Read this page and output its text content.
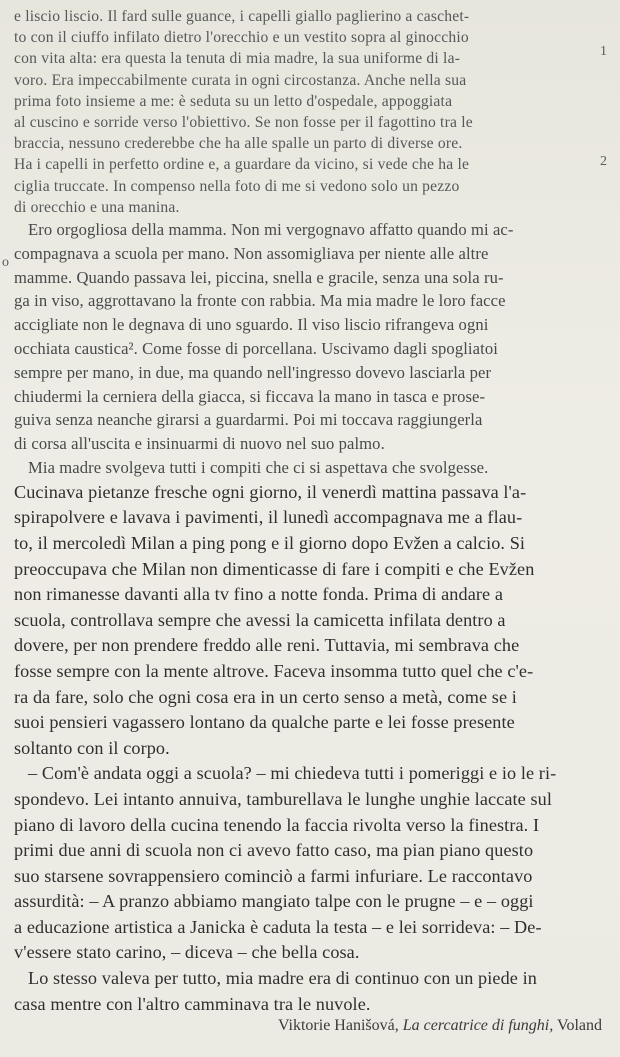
e liscio liscio. Il fard sulle guance, i capelli giallo paglierino a caschet-
to con il ciuffo infilato dietro l'orecchio e un vestito sopra al ginocchio
con vita alta: era questa la tenuta di mia madre, la sua uniforme di la-
voro. Era impeccabilmente curata in ogni circostanza. Anche nella sua
prima foto insieme a me: è seduta su un letto d'ospedale, appoggiata
al cuscino e sorride verso l'obiettivo. Se non fosse per il fagottino tra le
braccia, nessuno crederebbe che ha alle spalle un parto di diverse ore.
Ha i capelli in perfetto ordine e, a guardare da vicino, si vede che ha le
ciglia truccate. In compenso nella foto di me si vedono solo un pezzo
di orecchio e una manina.
Ero orgogliosa della mamma. Non mi vergognavo affatto quando mi ac-
compagnava a scuola per mano. Non assomigliava per niente alle altre
mamme. Quando passava lei, piccina, snella e gracile, senza una sola ru-
ga in viso, aggrottavano la fronte con rabbia. Ma mia madre le loro facce
accigliate non le degnava di uno sguardo. Il viso liscio rifrangeva ogni
occhiata caustica². Come fosse di porcellana. Uscivamo dagli spogliatoi
sempre per mano, in due, ma quando nell'ingresso dovevo lasciarla per
chiudermi la cerniera della giacca, si ficcava la mano in tasca e prose-
guiva senza neanche girarsi a guardarmi. Poi mi toccava raggiungerla
di corsa all'uscita e insinuarmi di nuovo nel suo palmo.
Mia madre svolgeva tutti i compiti che ci si aspettava che svolgesse.
Cucinava pietanze fresche ogni giorno, il venerdì mattina passava l'a-
spirapolvere e lavava i pavimenti, il lunedì accompagnava me a flau-
to, il mercoledì Milan a ping pong e il giorno dopo Evžen a calcio. Si
preoccupava che Milan non dimenticasse di fare i compiti e che Evžen
non rimanesse davanti alla tv fino a notte fonda. Prima di andare a
scuola, controllava sempre che avessi la camicetta infilata dentro a
dovere, per non prendere freddo alle reni. Tuttavia, mi sembrava che
fosse sempre con la mente altrove. Faceva insomma tutto quel che c'e-
ra da fare, solo che ogni cosa era in un certo senso a metà, come se i
suoi pensieri vagassero lontano da qualche parte e lei fosse presente
soltanto con il corpo.
– Com'è andata oggi a scuola? – mi chiedeva tutti i pomeriggi e io le ri-
spondevo. Lei intanto annuiva, tamburellava le lunghe unghie laccate sul
piano di lavoro della cucina tenendo la faccia rivolta verso la finestra. I
primi due anni di scuola non ci avevo fatto caso, ma pian piano questo
suo starsene sovrappensiero cominciò a farmi infuriare. Le raccontavo
assurdità: – A pranzo abbiamo mangiato talpe con le prugne – e – oggi
a educazione artistica a Janicka è caduta la testa – e lei sorrideva: – De-
v'essere stato carino, – diceva – che bella cosa.
Lo stesso valeva per tutto, mia madre era di continuo con un piede in
casa mentre con l'altro camminava tra le nuvole.
1
2
o
Viktorie Hanišová, La cercatrice di funghi, Voland
